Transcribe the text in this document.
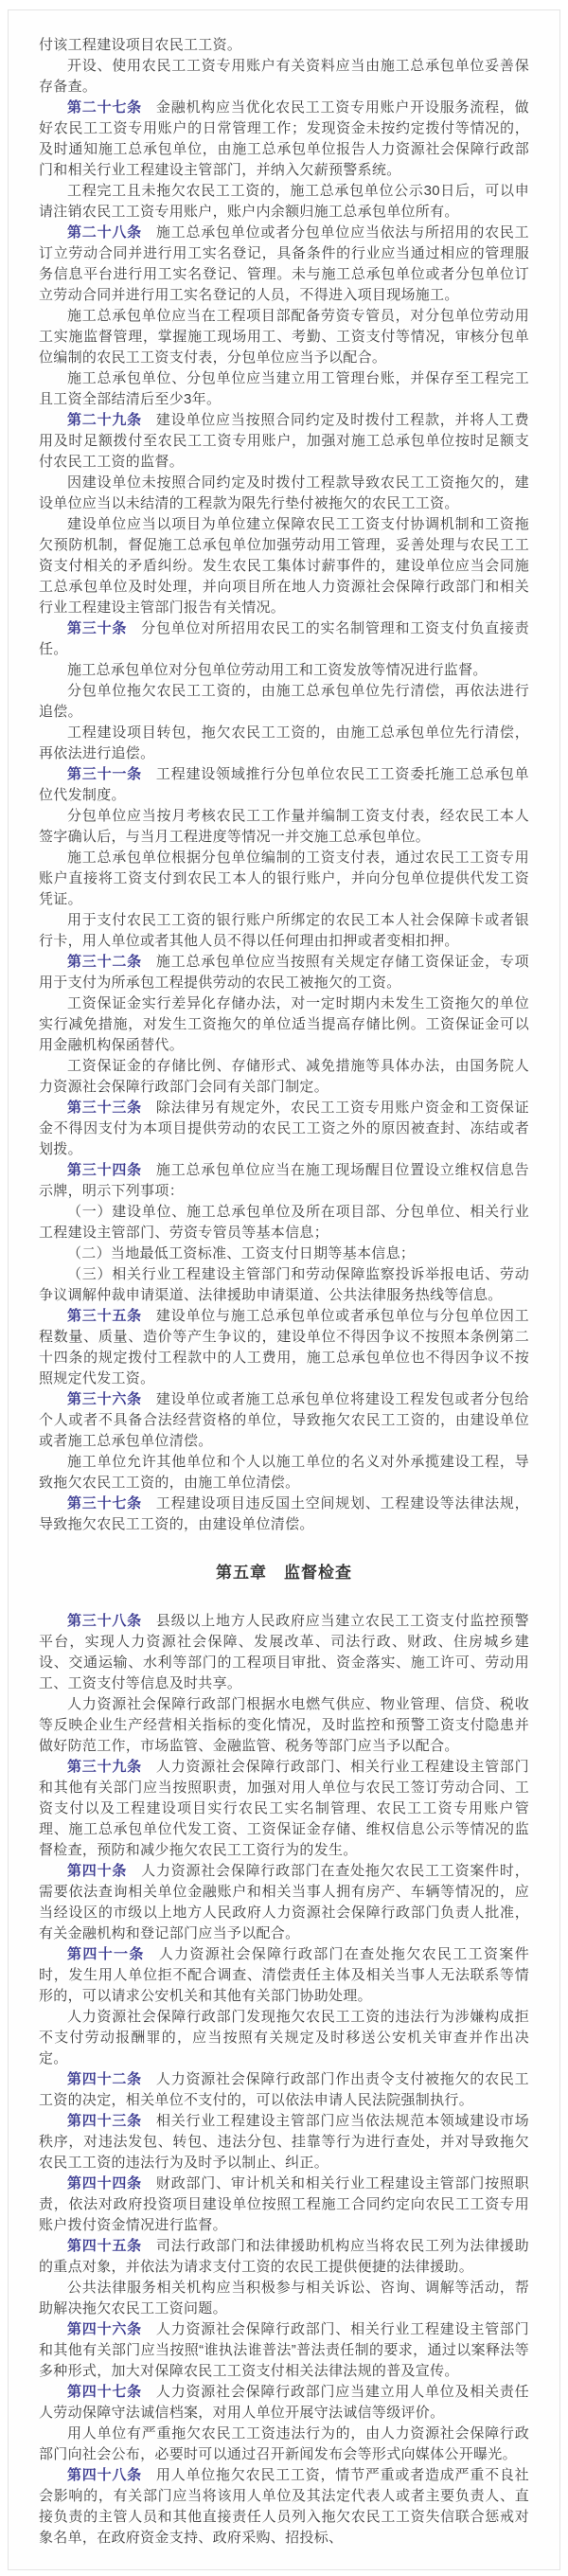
付该工程建设项目农民工工资。

开设、使用农民工工资专用账户有关资料应当由施工总承包单位妥善保存备查。

第二十七条 金融机构应当优化农民工工资专用账户开设服务流程，做好农民工工资专用账户的日常管理工作；发现资金未按约定拨付等情况的，及时通知施工总承包单位，由施工总承包单位报告人力资源社会保障行政部门和相关行业工程建设主管部门，并纳入欠薪预警系统。

工程完工且未拖欠农民工工资的，施工总承包单位公示30日后，可以申请注销农民工工资专用账户，账户内余额归施工总承包单位所有。

第二十八条 施工总承包单位或者分包单位应当依法与所招用的农民工订立劳动合同并进行用工实名登记，具备条件的行业应当通过相应的管理服务信息平台进行用工实名登记、管理。未与施工总承包单位或者分包单位订立劳动合同并进行用工实名登记的人员，不得进入项目现场施工。

施工总承包单位应当在工程项目部配备劳资专管员，对分包单位劳动用工实施监督管理，掌握施工现场用工、考勤、工资支付等情况，审核分包单位编制的农民工工资支付表，分包单位应当予以配合。

施工总承包单位、分包单位应当建立用工管理台账，并保存至工程完工且工资全部结清后至少3年。

第二十九条 建设单位应当按照合同约定及时拨付工程款，并将人工费用及时足额拨付至农民工工资专用账户，加强对施工总承包单位按时足额支付农民工工资的监督。

因建设单位未按照合同约定及时拨付工程款导致农民工工资拖欠的，建设单位应当以未结清的工程款为限先行垫付被拖欠的农民工工资。

建设单位应当以项目为单位建立保障农民工工资支付协调机制和工资拖欠预防机制，督促施工总承包单位加强劳动用工管理，妥善处理与农民工工资支付相关的矛盾纠纷。发生农民工集体讨薪事件的，建设单位应当会同施工总承包单位及时处理，并向项目所在地人力资源社会保障行政部门和相关行业工程建设主管部门报告有关情况。

第三十条 分包单位对所招用农民工的实名制管理和工资支付负直接责任。

施工总承包单位对分包单位劳动用工和工资发放等情况进行监督。

分包单位拖欠农民工工资的，由施工总承包单位先行清偿，再依法进行追偿。

工程建设项目转包，拖欠农民工工资的，由施工总承包单位先行清偿，再依法进行追偿。

第三十一条 工程建设领域推行分包单位农民工工资委托施工总承包单位代发制度。

分包单位应当按月考核农民工工作量并编制工资支付表，经农民工本人签字确认后，与当月工程进度等情况一并交施工总承包单位。

施工总承包单位根据分包单位编制的工资支付表，通过农民工工资专用账户直接将工资支付到农民工本人的银行账户，并向分包单位提供代发工资凭证。

用于支付农民工工资的银行账户所绑定的农民工本人社会保障卡或者银行卡，用人单位或者其他人员不得以任何理由扣押或者变相扣押。

第三十二条 施工总承包单位应当按照有关规定存储工资保证金，专项用于支付为所承包工程提供劳动的农民工被拖欠的工资。

工资保证金实行差异化存储办法，对一定时期内未发生工资拖欠的单位实行减免措施，对发生工资拖欠的单位适当提高存储比例。工资保证金可以用金融机构保函替代。

工资保证金的存储比例、存储形式、减免措施等具体办法，由国务院人力资源社会保障行政部门会同有关部门制定。

第三十三条 除法律另有规定外，农民工工资专用账户资金和工资保证金不得因支付为本项目提供劳动的农民工工资之外的原因被查封、冻结或者划拨。

第三十四条 施工总承包单位应当在施工现场醒目位置设立维权信息告示牌，明示下列事项：

（一）建设单位、施工总承包单位及所在项目部、分包单位、相关行业工程建设主管部门、劳资专管员等基本信息；

（二）当地最低工资标准、工资支付日期等基本信息；

（三）相关行业工程建设主管部门和劳动保障监察投诉举报电话、劳动争议调解仲裁申请渠道、法律援助申请渠道、公共法律服务热线等信息。

第三十五条 建设单位与施工总承包单位或者承包单位与分包单位因工程数量、质量、造价等产生争议的，建设单位不得因争议不按照本条例第二十四条的规定拨付工程款中的人工费用，施工总承包单位也不得因争议不按照规定代发工资。

第三十六条 建设单位或者施工总承包单位将建设工程发包或者分包给个人或者不具备合法经营资格的单位，导致拖欠农民工工资的，由建设单位或者施工总承包单位清偿。

施工单位允许其他单位和个人以施工单位的名义对外承揽建设工程，导致拖欠农民工工资的，由施工单位清偿。

第三十七条 工程建设项目违反国土空间规划、工程建设等法律法规，导致拖欠农民工工资的，由建设单位清偿。

第五章　监督检查

第三十八条 县级以上地方人民政府应当建立农民工工资支付监控预警平台，实现人力资源社会保障、发展改革、司法行政、财政、住房城乡建设、交通运输、水利等部门的工程项目审批、资金落实、施工许可、劳动用工、工资支付等信息及时共享。

人力资源社会保障行政部门根据水电燃气供应、物业管理、信贷、税收等反映企业生产经营相关指标的变化情况，及时监控和预警工资支付隐患并做好防范工作，市场监管、金融监管、税务等部门应当予以配合。

第三十九条 人力资源社会保障行政部门、相关行业工程建设主管部门和其他有关部门应当按照职责，加强对用人单位与农民工签订劳动合同、工资支付以及工程建设项目实行农民工实名制管理、农民工工资专用账户管理、施工总承包单位代发工资、工资保证金存储、维权信息公示等情况的监督检查，预防和减少拖欠农民工工资行为的发生。

第四十条 人力资源社会保障行政部门在查处拖欠农民工工资案件时，需要依法查询相关单位金融账户和相关当事人拥有房产、车辆等情况的，应当经设区的市级以上地方人民政府人力资源社会保障行政部门负责人批准，有关金融机构和登记部门应当予以配合。

第四十一条 人力资源社会保障行政部门在查处拖欠农民工工资案件时，发生用人单位拒不配合调查、清偿责任主体及相关当事人无法联系等情形的，可以请求公安机关和其他有关部门协助处理。

人力资源社会保障行政部门发现拖欠农民工工资的违法行为涉嫌构成拒不支付劳动报酬罪的，应当按照有关规定及时移送公安机关审查并作出决定。

第四十二条 人力资源社会保障行政部门作出责令支付被拖欠的农民工工资的决定，相关单位不支付的，可以依法申请人民法院强制执行。

第四十三条 相关行业工程建设主管部门应当依法规范本领域建设市场秩序，对违法发包、转包、违法分包、挂靠等行为进行查处，并对导致拖欠农民工工资的违法行为及时予以制止、纠正。

第四十四条 财政部门、审计机关和相关行业工程建设主管部门按照职责，依法对政府投资项目建设单位按照工程施工合同约定向农民工工资专用账户拨付资金情况进行监督。

第四十五条 司法行政部门和法律援助机构应当将农民工列为法律援助的重点对象，并依法为请求支付工资的农民工提供便捷的法律援助。

公共法律服务相关机构应当积极参与相关诉讼、咨询、调解等活动，帮助解决拖欠农民工工资问题。

第四十六条 人力资源社会保障行政部门、相关行业工程建设主管部门和其他有关部门应当按照“谁执法谁普法”普法责任制的要求，通过以案释法等多种形式，加大对保障农民工工资支付相关法律法规的普及宣传。

第四十七条 人力资源社会保障行政部门应当建立用人单位及相关责任人劳动保障守法诚信档案，对用人单位开展守法诚信等级评价。

用人单位有严重拖欠农民工工资违法行为的，由人力资源社会保障行政部门向社会公布，必要时可以通过召开新闻发布会等形式向媒体公开曝光。

第四十八条 用人单位拖欠农民工工资，情节严重或者造成严重不良社会影响的，有关部门应当将该用人单位及其法定代表人或者主要负责人、直接负责的主管人员和其他直接责任人员列入拖欠农民工工资失信联合惩戒对象名单，在政府资金支持、政府采购、招投标、
